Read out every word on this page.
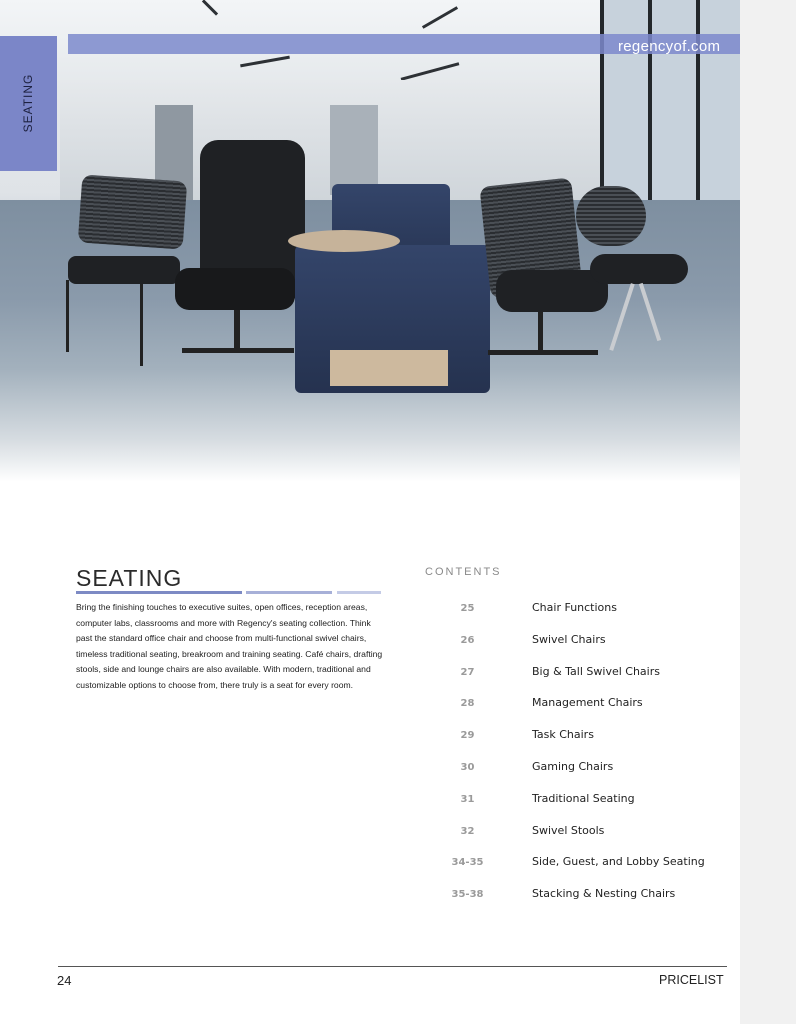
SEATING
regencyof.com
SEATING
Bring the finishing touches to executive suites, open offices, reception areas, computer labs, classrooms and more with Regency's seating collection. Think past the standard office chair and choose from multi-functional swivel chairs, timeless traditional seating, breakroom and training seating. Café chairs, drafting stools, side and lounge chairs are also available. With modern, traditional and customizable options to choose from, there truly is a seat for every room.
CONTENTS
25	Chair Functions
26	Swivel Chairs
27	Big & Tall Swivel Chairs
28	Management Chairs
29	Task Chairs
30	Gaming Chairs
31	Traditional Seating
32	Swivel Stools
34-35	Side, Guest, and Lobby Seating
35-38	Stacking & Nesting Chairs
24	PRICELIST
